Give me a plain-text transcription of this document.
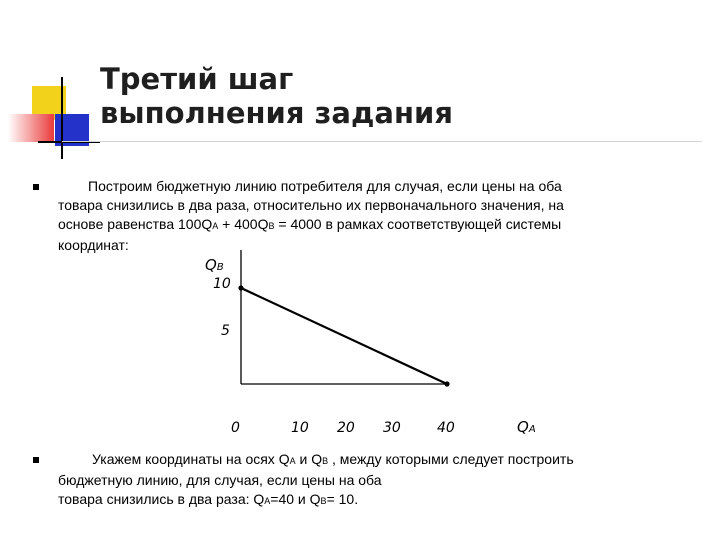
Третий шаг
выполнения задания
Построим бюджетную линию потребителя для случая, если цены на оба
товара снизились в два раза, относительно их первоначального значения, на
основе равенства 100QA + 400QB = 4000 в рамках соответствующей системы
координат:
QB
10
5
0	10 20 30	40	QA
Укажем координаты на осях QA и QB , между которыми следует построить
бюджетную линию, для случая, если цены на оба
товара снизились в два раза: QA=40 и QB= 10.
